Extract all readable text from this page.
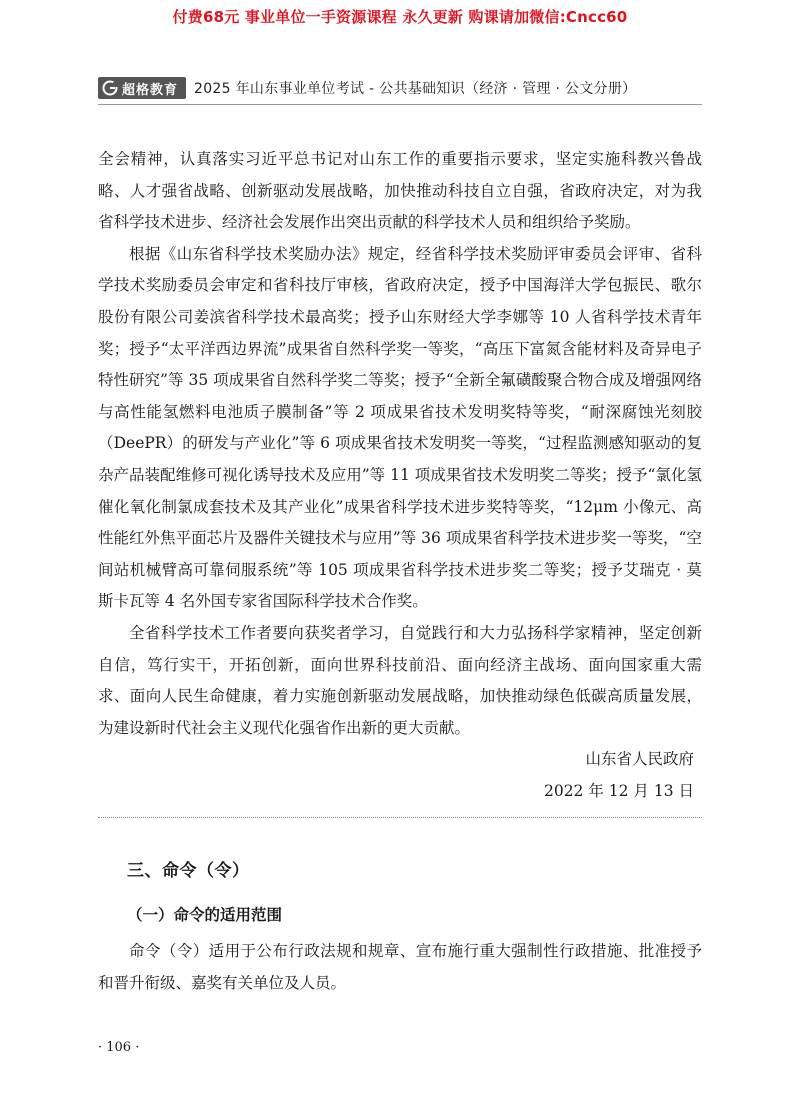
付费68元 事业单位一手资源课程 永久更新 购课请加微信:Cncc60
超格教育 2025 年山东事业单位考试 - 公共基础知识（经济 · 管理 · 公文分册）

全会精神，认真落实习近平总书记对山东工作的重要指示要求，坚定实施科教兴鲁战略、人才强省战略、创新驱动发展战略，加快推动科技自立自强，省政府决定，对为我省科学技术进步、经济社会发展作出突出贡献的科学技术人员和组织给予奖励。

根据《山东省科学技术奖励办法》规定，经省科学技术奖励评审委员会评审、省科学技术奖励委员会审定和省科技厅审核，省政府决定，授予中国海洋大学包振民、歌尔股份有限公司姜滨省科学技术最高奖；授予山东财经大学李娜等 10 人省科学技术青年奖；授予“太平洋西边界流”成果省自然科学奖一等奖，“高压下富氮含能材料及奇异电子特性研究”等 35 项成果省自然科学奖二等奖；授予“全新全氟磺酸聚合物合成及增强网络与高性能氢燃料电池质子膜制备”等 2 项成果省技术发明奖特等奖，“耐深腐蚀光刻胶（DeePR）的研发与产业化”等 6 项成果省技术发明奖一等奖，“过程监测感知驱动的复杂产品装配维修可视化诱导技术及应用”等 11 项成果省技术发明奖二等奖；授予“氯化氢催化氧化制氯成套技术及其产业化”成果省科学技术进步奖特等奖，“12μm 小像元、高性能红外焦平面芯片及器件关键技术与应用”等 36 项成果省科学技术进步奖一等奖，“空间站机械臂高可靠伺服系统”等 105 项成果省科学技术进步奖二等奖；授予艾瑞克 · 莫斯卡瓦等 4 名外国专家省国际科学技术合作奖。

全省科学技术工作者要向获奖者学习，自觉践行和大力弘扬科学家精神，坚定创新自信，笃行实干，开拓创新，面向世界科技前沿、面向经济主战场、面向国家重大需求、面向人民生命健康，着力实施创新驱动发展战略，加快推动绿色低碳高质量发展，为建设新时代社会主义现代化强省作出新的更大贡献。

山东省人民政府

2022 年 12 月 13 日

三、命令（令）
（一）命令的适用范围

命令（令）适用于公布行政法规和规章、宣布施行重大强制性行政措施、批准授予和晋升衔级、嘉奖有关单位及人员。

· 106 ·
